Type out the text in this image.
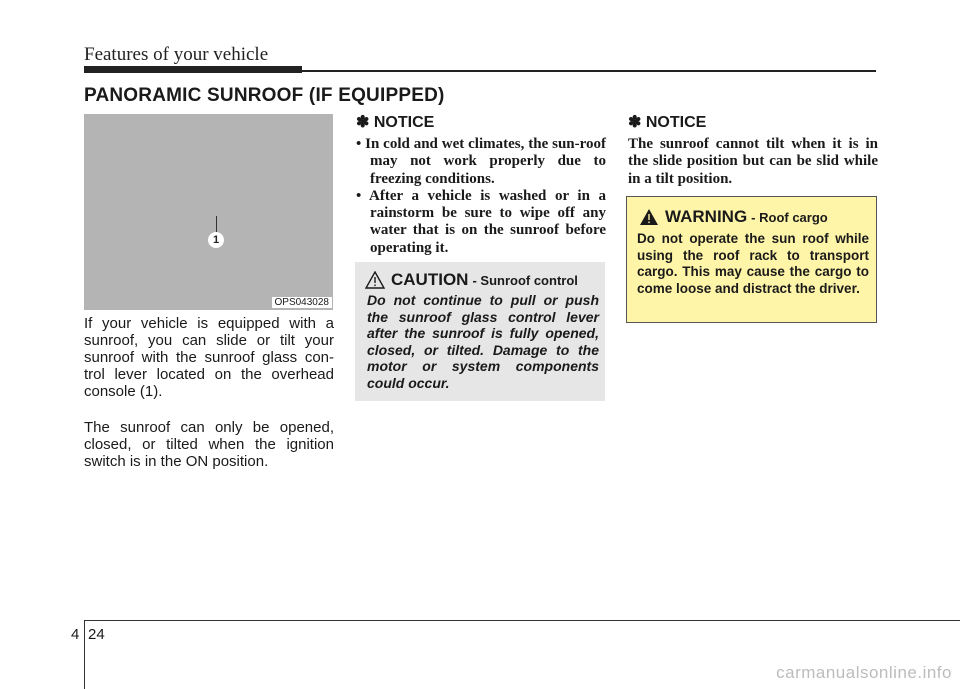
Features of your vehicle
PANORAMIC SUNROOF (IF EQUIPPED)
1
OPS043028

If your vehicle is equipped with a sunroof, you can slide or tilt your sunroof with the sunroof glass con-trol lever located on the overhead console (1).

The sunroof can only be opened, closed, or tilted when the ignition switch is in the ON position.

✽ NOTICE
• In cold and wet climates, the sun-roof may not work properly due to freezing conditions.
• After a vehicle is washed or in a rainstorm be sure to wipe off any water that is on the sunroof before operating it.
CAUTION - Sunroof control

Do not continue to pull or push the sunroof glass control lever after the sunroof is fully opened, closed, or tilted. Damage to the motor or system components could occur.

✽ NOTICE

The sunroof cannot tilt when it is in the slide position but can be slid while in a tilt position.

WARNING - Roof cargo

Do not operate the sun roof while using the roof rack to transport cargo. This may cause the cargo to come loose and distract the driver.

4 24
carmanualsonline.info
